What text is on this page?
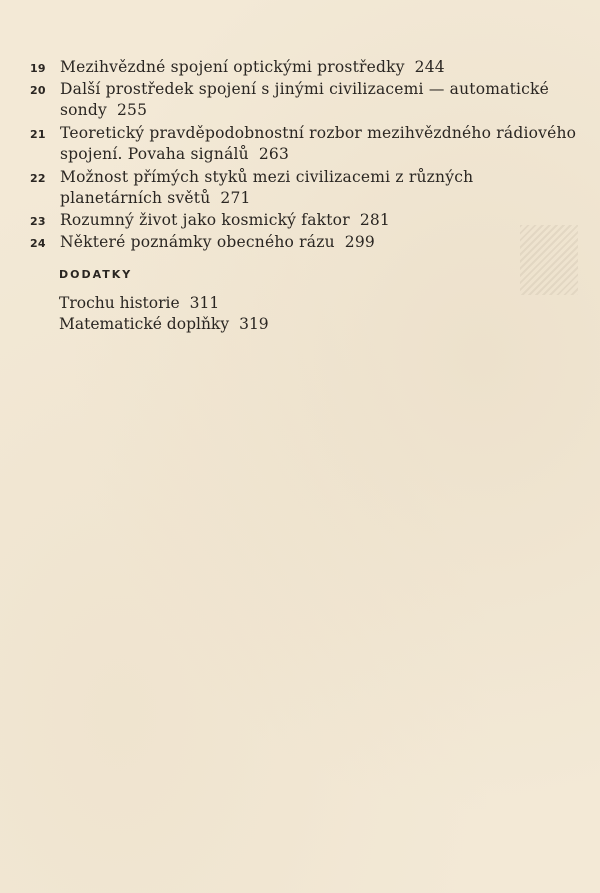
19 Mezihvězdné spojení optickými prostředky 244
20 Další prostředek spojení s jinými civilizacemi — automatické
sondy 255
21 Teoretický pravděpodobnostní rozbor mezihvězdného rádiového
spojení. Povaha signálů 263
22 Možnost přímých styků mezi civilizacemi z různých
planetárních světů 271
23 Rozumný život jako kosmický faktor 281
24 Některé poznámky obecného rázu 299
DODATKY
Trochu historie 311
Matematické doplňky 319
